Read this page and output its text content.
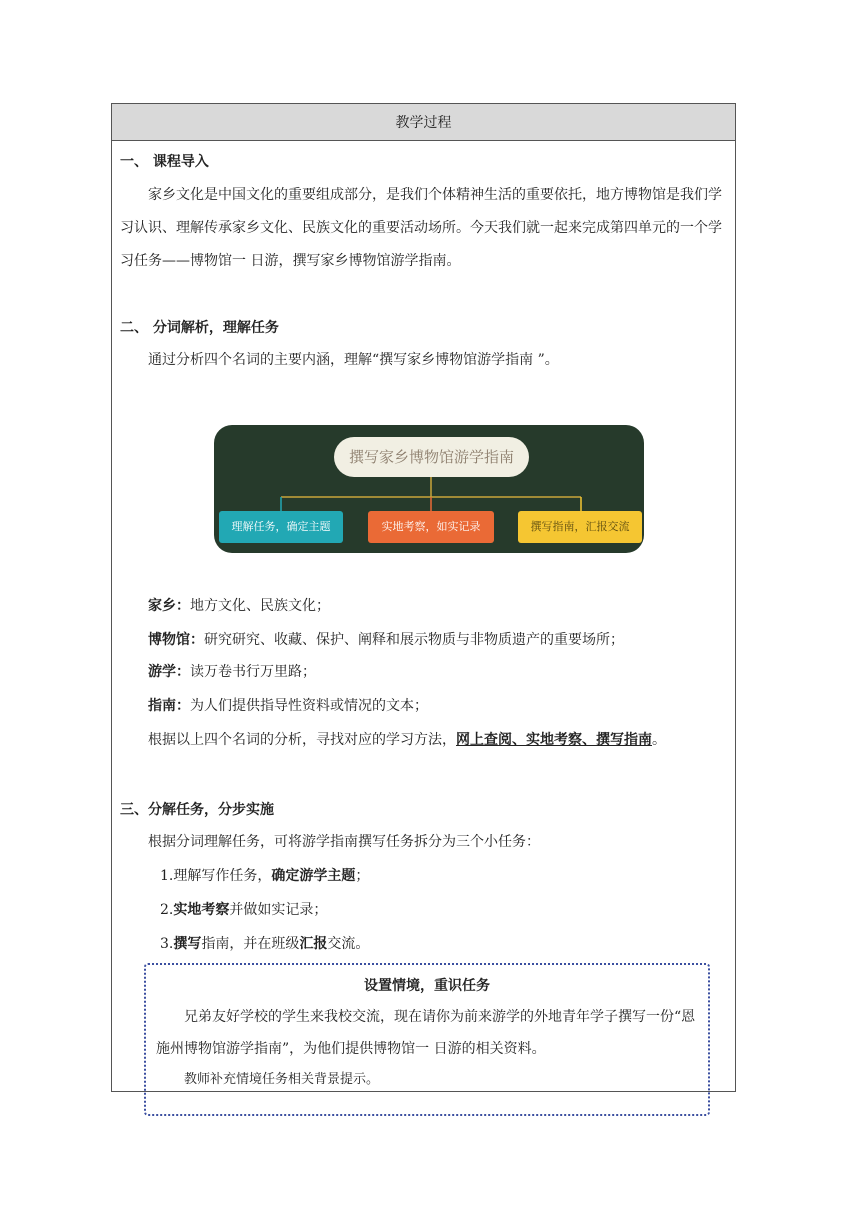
教学过程
一、 课程导入
家乡文化是中国文化的重要组成部分，是我们个体精神生活的重要依托，地方博物馆是我们学习认识、理解传承家乡文化、民族文化的重要活动场所。今天我们就一起来完成第四单元的一个学习任务——博物馆一 日游，撰写家乡博物馆游学指南。
二、 分词解析，理解任务
通过分析四个名词的主要内涵，理解“撰写家乡博物馆游学指南 ”。
撰写家乡博物馆游学指南
理解任务，确定主题	实地考察，如实记录	撰写指南，汇报交流
家乡：地方文化、民族文化；
博物馆：研究研究、收藏、保护、阐释和展示物质与非物质遗产的重要场所；
游学：读万卷书行万里路；
指南：为人们提供指导性资料或情况的文本；
根据以上四个名词的分析，寻找对应的学习方法，网上查阅、实地考察、撰写指南。
三、分解任务，分步实施
根据分词理解任务，可将游学指南撰写任务拆分为三个小任务：
1.理解写作任务，确定游学主题；
2.实地考察并做如实记录；
3.撰写指南，并在班级汇报交流。
设置情境，重识任务
兄弟友好学校的学生来我校交流，现在请你为前来游学的外地青年学子撰写一份“恩施州博物馆游学指南”，为他们提供博物馆一 日游的相关资料。
教师补充情境任务相关背景提示。
